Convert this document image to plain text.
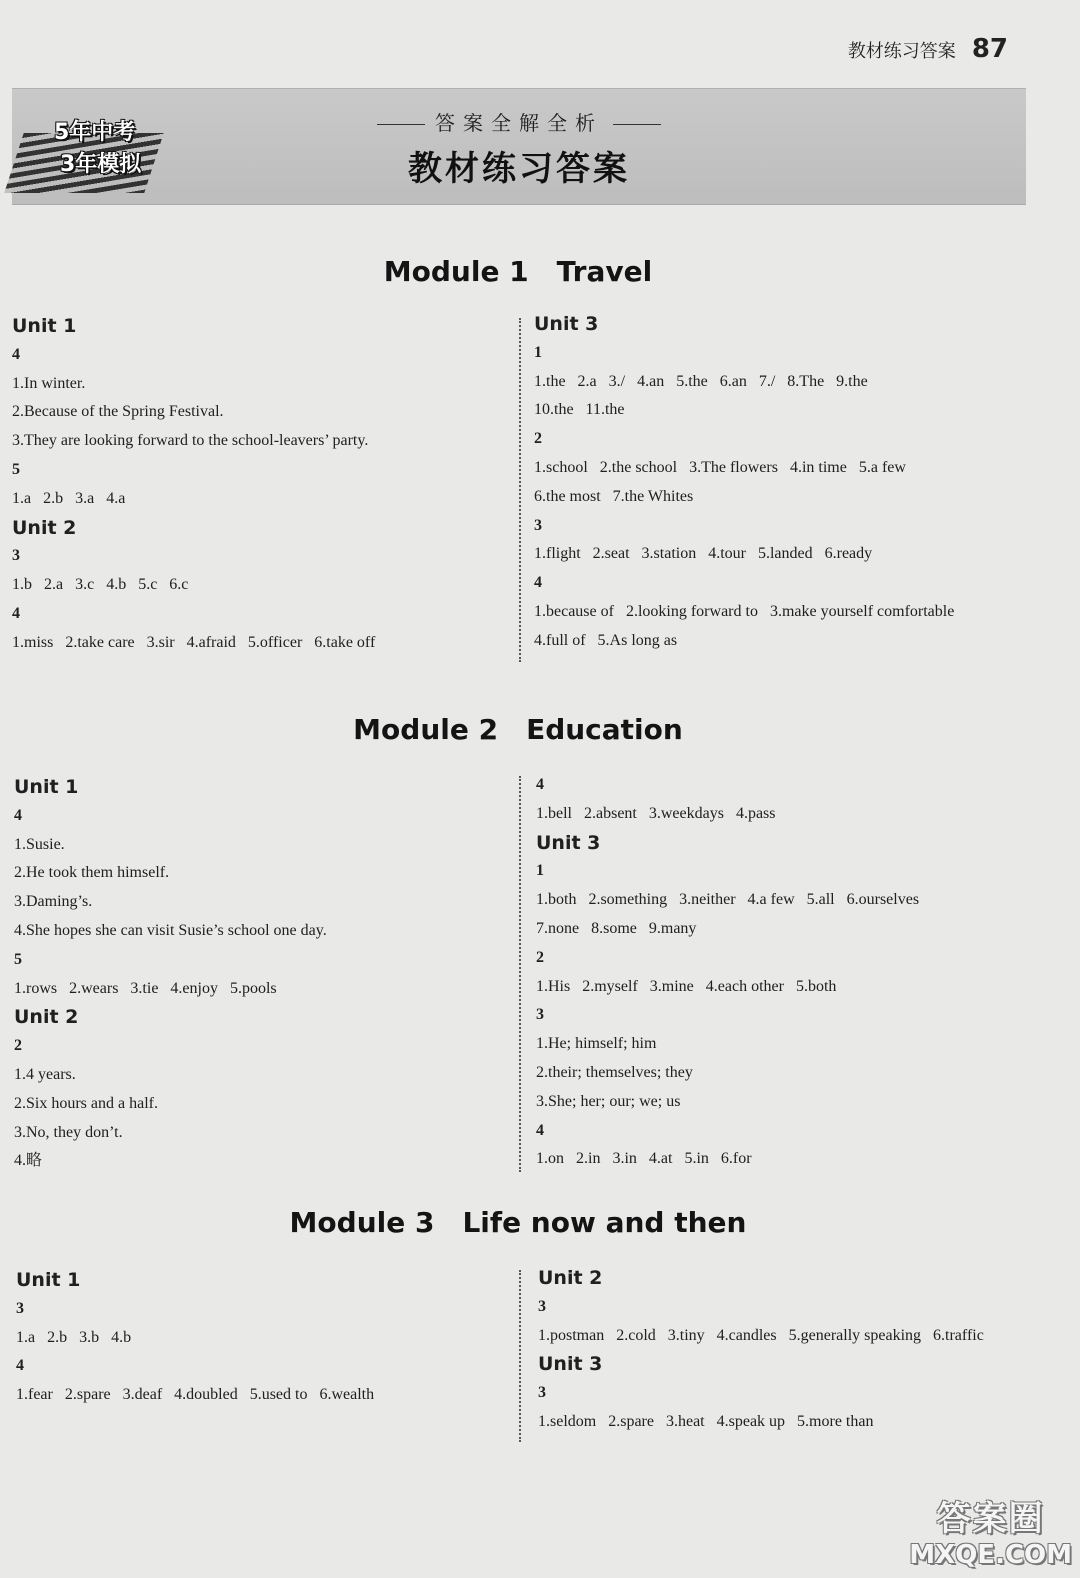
教材练习答案 87
5年中考
3年模拟
答案全解全析
教材练习答案
Module 1　Travel
Unit 1
4
1.In winter.
2.Because of the Spring Festival.
3.They are looking forward to the school-leavers’ party.
5
1.a   2.b   3.a   4.a
Unit 2
3
1.b   2.a   3.c   4.b   5.c   6.c
4
1.miss   2.take care   3.sir   4.afraid   5.officer   6.take off
Unit 3
1
1.the   2.a   3./   4.an   5.the   6.an   7./   8.The   9.the
10.the   11.the
2
1.school   2.the school   3.The flowers   4.in time   5.a few
6.the most   7.the Whites
3
1.flight   2.seat   3.station   4.tour   5.landed   6.ready
4
1.because of   2.looking forward to   3.make yourself comfortable
4.full of   5.As long as
Module 2　Education
Unit 1
4
1.Susie.
2.He took them himself.
3.Daming’s.
4.She hopes she can visit Susie’s school one day.
5
1.rows   2.wears   3.tie   4.enjoy   5.pools
Unit 2
2
1.4 years.
2.Six hours and a half.
3.No, they don’t.
4.略
4
1.bell   2.absent   3.weekdays   4.pass
Unit 3
1
1.both   2.something   3.neither   4.a few   5.all   6.ourselves
7.none   8.some   9.many
2
1.His   2.myself   3.mine   4.each other   5.both
3
1.He; himself; him
2.their; themselves; they
3.She; her; our; we; us
4
1.on   2.in   3.in   4.at   5.in   6.for
Module 3　Life now and then
Unit 1
3
1.a   2.b   3.b   4.b
4
1.fear   2.spare   3.deaf   4.doubled   5.used to   6.wealth
Unit 2
3
1.postman   2.cold   3.tiny   4.candles   5.generally speaking   6.traffic
Unit 3
3
1.seldom   2.spare   3.heat   4.speak up   5.more than
答案圈
MXQE.COM
